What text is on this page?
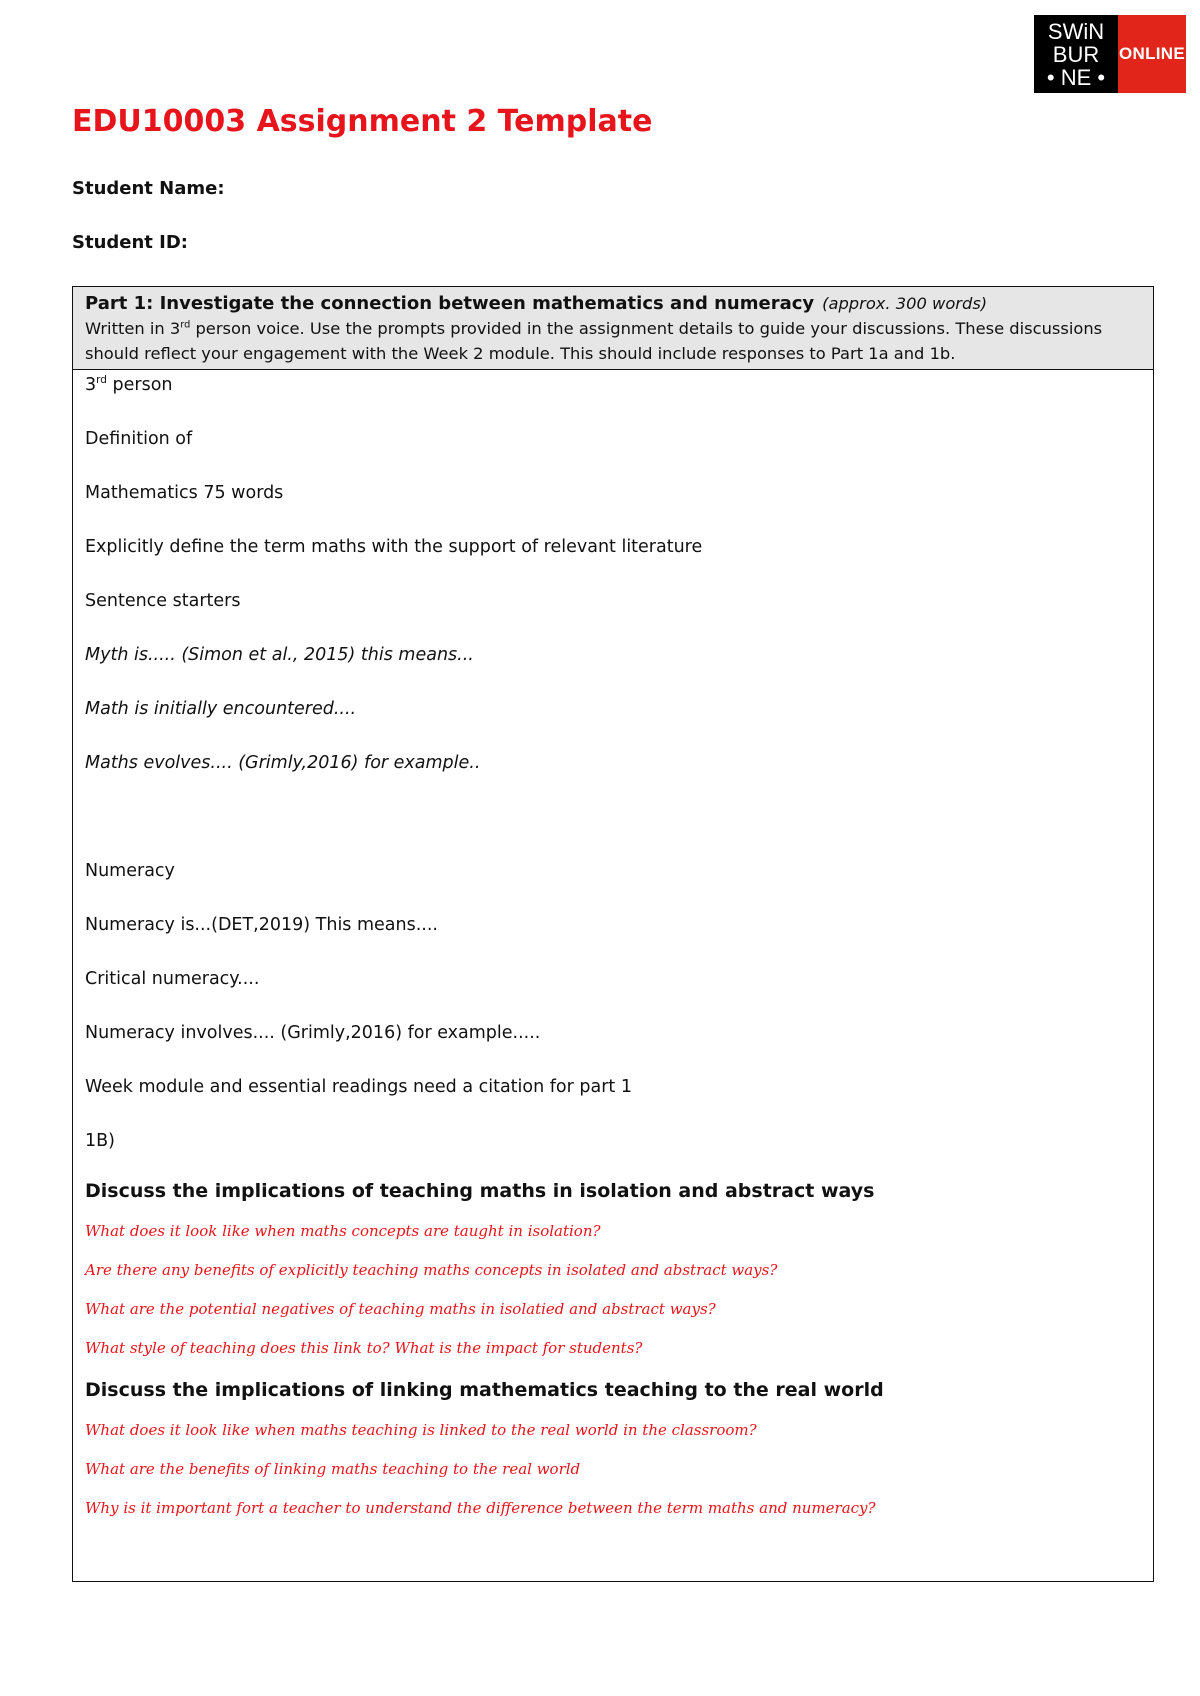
SWiN
BUR
• NE •
ONLINE
EDU10003 Assignment 2 Template
Student Name:
Student ID:
Part 1: Investigate the connection between mathematics and numeracy (approx. 300 words)
Written in 3rd person voice. Use the prompts provided in the assignment details to guide your discussions. These discussions should reflect your engagement with the Week 2 module. This should include responses to Part 1a and 1b.

3rd person

Definition of

Mathematics 75 words

Explicitly define the term maths with the support of relevant literature

Sentence starters

Myth is..... (Simon et al., 2015) this means...

Math is initially encountered....

Maths evolves.... (Grimly,2016) for example..

Numeracy

Numeracy is...(DET,2019) This means....

Critical numeracy....

Numeracy involves.... (Grimly,2016) for example.....

Week module and essential readings need a citation for part 1

1B)

Discuss the implications of teaching maths in isolation and abstract ways

What does it look like when maths concepts are taught in isolation?

Are there any benefits of explicitly teaching maths concepts in isolated and abstract ways?

What are the potential negatives of teaching maths in isolatied and abstract ways?

What style of teaching does this link to? What is the impact for students?

Discuss the implications of linking mathematics teaching to the real world

What does it look like when maths teaching is linked to the real world in the classroom?

What are the benefits of linking maths teaching to the real world

Why is it important fort a teacher to understand the difference between the term maths and numeracy?
